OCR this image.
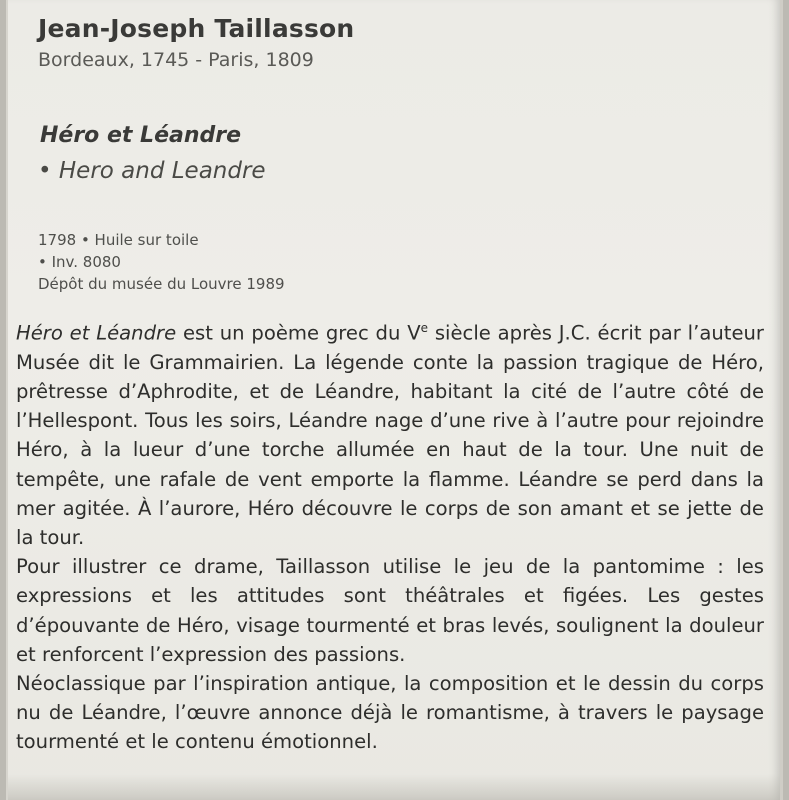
Jean-Joseph Taillasson
Bordeaux, 1745 - Paris, 1809
Héro et Léandre
• Hero and Leandre
1798 • Huile sur toile
• Inv. 8080
Dépôt du musée du Louvre 1989

Héro et Léandre est un poème grec du Ve siècle après J.C. écrit par l’auteur Musée dit le Grammairien. La légende conte la passion tragique de Héro, prêtresse d’Aphrodite, et de Léandre, habitant la cité de l’autre côté de l’Hellespont. Tous les soirs, Léandre nage d’une rive à l’autre pour rejoindre Héro, à la lueur d’une torche allumée en haut de la tour. Une nuit de tempête, une rafale de vent emporte la flamme. Léandre se perd dans la mer agitée. À l’aurore, Héro découvre le corps de son amant et se jette de la tour.

Pour illustrer ce drame, Taillasson utilise le jeu de la pantomime : les expressions et les attitudes sont théâtrales et figées. Les gestes d’épouvante de Héro, visage tourmenté et bras levés, soulignent la douleur et renforcent l’expression des passions.

Néoclassique par l’inspiration antique, la composition et le dessin du corps nu de Léandre, l’œuvre annonce déjà le romantisme, à travers le paysage tourmenté et le contenu émotionnel.
